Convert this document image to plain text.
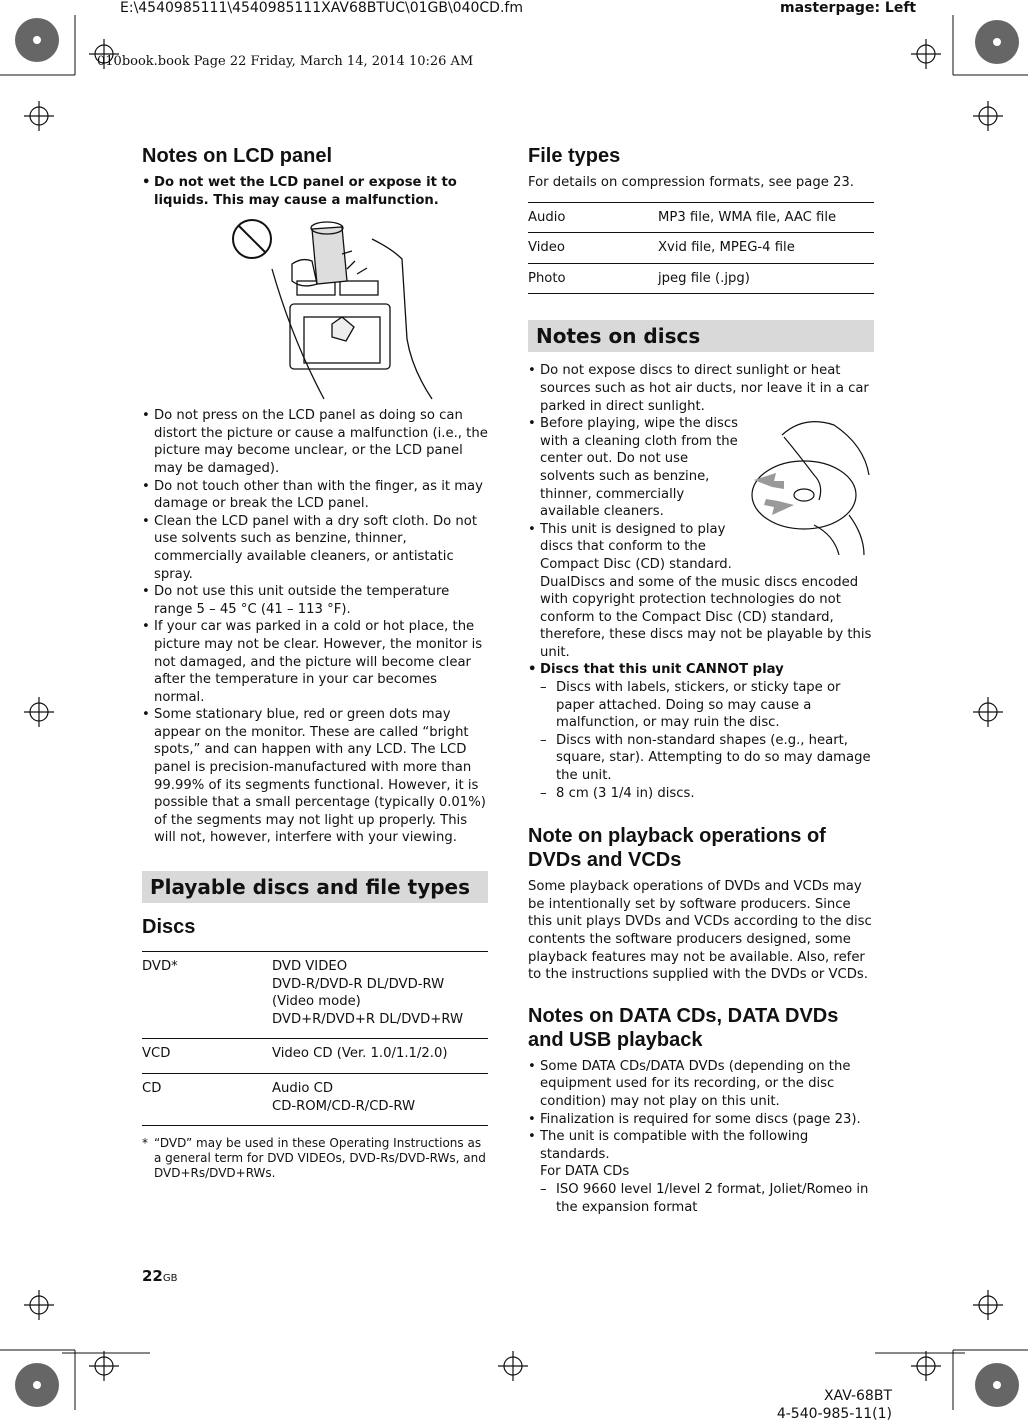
E:\4540985111\4540985111XAV68BTUC\01GB\040CD.fm	masterpage: Left
010book.book Page 22 Friday, March 14, 2014 10:26 AM
Notes on LCD panel
• Do not wet the LCD panel or expose it to liquids. This may cause a malfunction.

• Do not press on the LCD panel as doing so can distort the picture or cause a malfunction (i.e., the picture may become unclear, or the LCD panel may be damaged).

• Do not touch other than with the finger, as it may damage or break the LCD panel.

• Clean the LCD panel with a dry soft cloth. Do not use solvents such as benzine, thinner, commercially available cleaners, or antistatic spray.

• Do not use this unit outside the temperature range 5 – 45 °C (41 – 113 °F).

• If your car was parked in a cold or hot place, the picture may not be clear. However, the monitor is not damaged, and the picture will become clear after the temperature in your car becomes normal.

• Some stationary blue, red or green dots may appear on the monitor. These are called “bright spots,” and can happen with any LCD. The LCD panel is precision-manufactured with more than 99.99% of its segments functional. However, it is possible that a small percentage (typically 0.01%) of the segments may not light up properly. This will not, however, interfere with your viewing.

Playable discs and file types
Discs
DVD*	DVD VIDEO
DVD-R/DVD-R DL/DVD-RW
(Video mode)
DVD+R/DVD+R DL/DVD+RW

VCD	Video CD (Ver. 1.0/1.1/2.0)

CD	Audio CD
CD-ROM/CD-R/CD-RW
* “DVD” may be used in these Operating Instructions as a general term for DVD VIDEOs, DVD-Rs/DVD-RWs, and DVD+Rs/DVD+RWs.
File types
For details on compression formats, see page 23.
Audio	MP3 file, WMA file, AAC file
Video	Xvid file, MPEG-4 file
Photo	jpeg file (.jpg)
Notes on discs

• Do not expose discs to direct sunlight or heat sources such as hot air ducts, nor leave it in a car parked in direct sunlight.

• Before playing, wipe the discs with a cleaning cloth from the center out. Do not use solvents such as benzine, thinner, commercially available cleaners.

• This unit is designed to play discs that conform to the Compact Disc (CD) standard.

DualDiscs and some of the music discs encoded with copyright protection technologies do not conform to the Compact Disc (CD) standard, therefore, these discs may not be playable by this unit.

• Discs that this unit CANNOT play

– Discs with labels, stickers, or sticky tape or paper attached. Doing so may cause a malfunction, or may ruin the disc.

– Discs with non-standard shapes (e.g., heart, square, star). Attempting to do so may damage the unit.

– 8 cm (3 1/4 in) discs.

Note on playback operations of DVDs and VCDs
Some playback operations of DVDs and VCDs may be intentionally set by software producers. Since this unit plays DVDs and VCDs according to the disc contents the software producers designed, some playback features may not be available. Also, refer to the instructions supplied with the DVDs or VCDs.
Notes on DATA CDs, DATA DVDs and USB playback

• Some DATA CDs/DATA DVDs (depending on the equipment used for its recording, or the disc condition) may not play on this unit.

• Finalization is required for some discs (page 23).

• The unit is compatible with the following standards.

For DATA CDs

– ISO 9660 level 1/level 2 format, Joliet/Romeo in the expansion format

22GB
XAV-68BT
4-540-985-11(1)
